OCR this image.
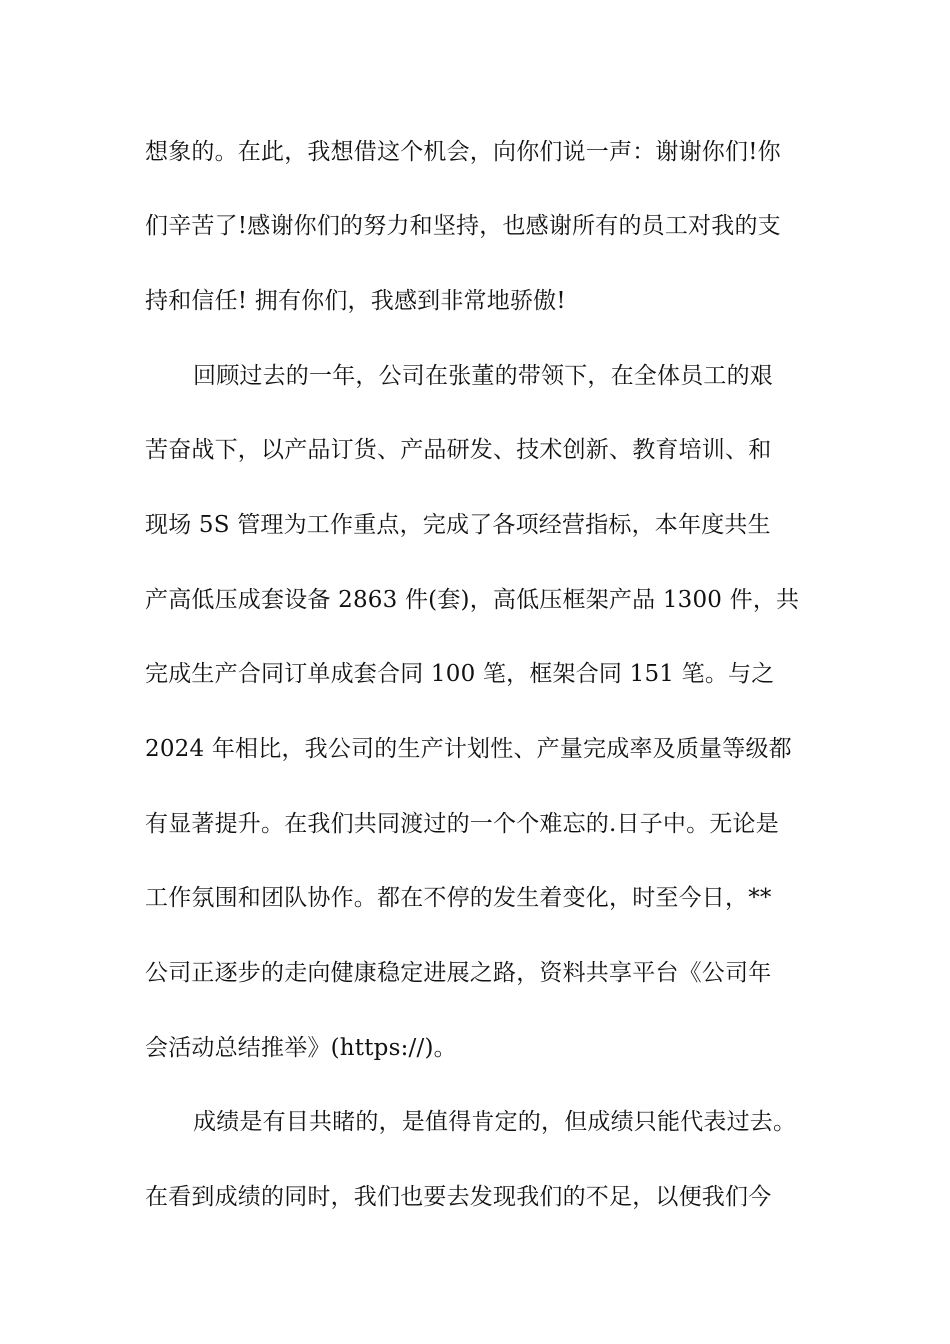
想象的。在此，我想借这个机会，向你们说一声：谢谢你们!你
们辛苦了!感谢你们的努力和坚持，也感谢所有的员工对我的支
持和信任! 拥有你们，我感到非常地骄傲!
回顾过去的一年，公司在张董的带领下，在全体员工的艰
苦奋战下，以产品订货、产品研发、技术创新、教育培训、和
现场 5S 管理为工作重点，完成了各项经营指标，本年度共生
产高低压成套设备 2863 件(套)，高低压框架产品 1300 件，共
完成生产合同订单成套合同 100 笔，框架合同 151 笔。与之
2024 年相比，我公司的生产计划性、产量完成率及质量等级都
有显著提升。在我们共同渡过的一个个难忘的.日子中。无论是
工作氛围和团队协作。都在不停的发生着变化，时至今日，**
公司正逐步的走向健康稳定进展之路，资料共享平台《公司年
会活动总结推举》(https://)。
成绩是有目共睹的，是值得肯定的，但成绩只能代表过去。
在看到成绩的同时，我们也要去发现我们的不足，以便我们今
